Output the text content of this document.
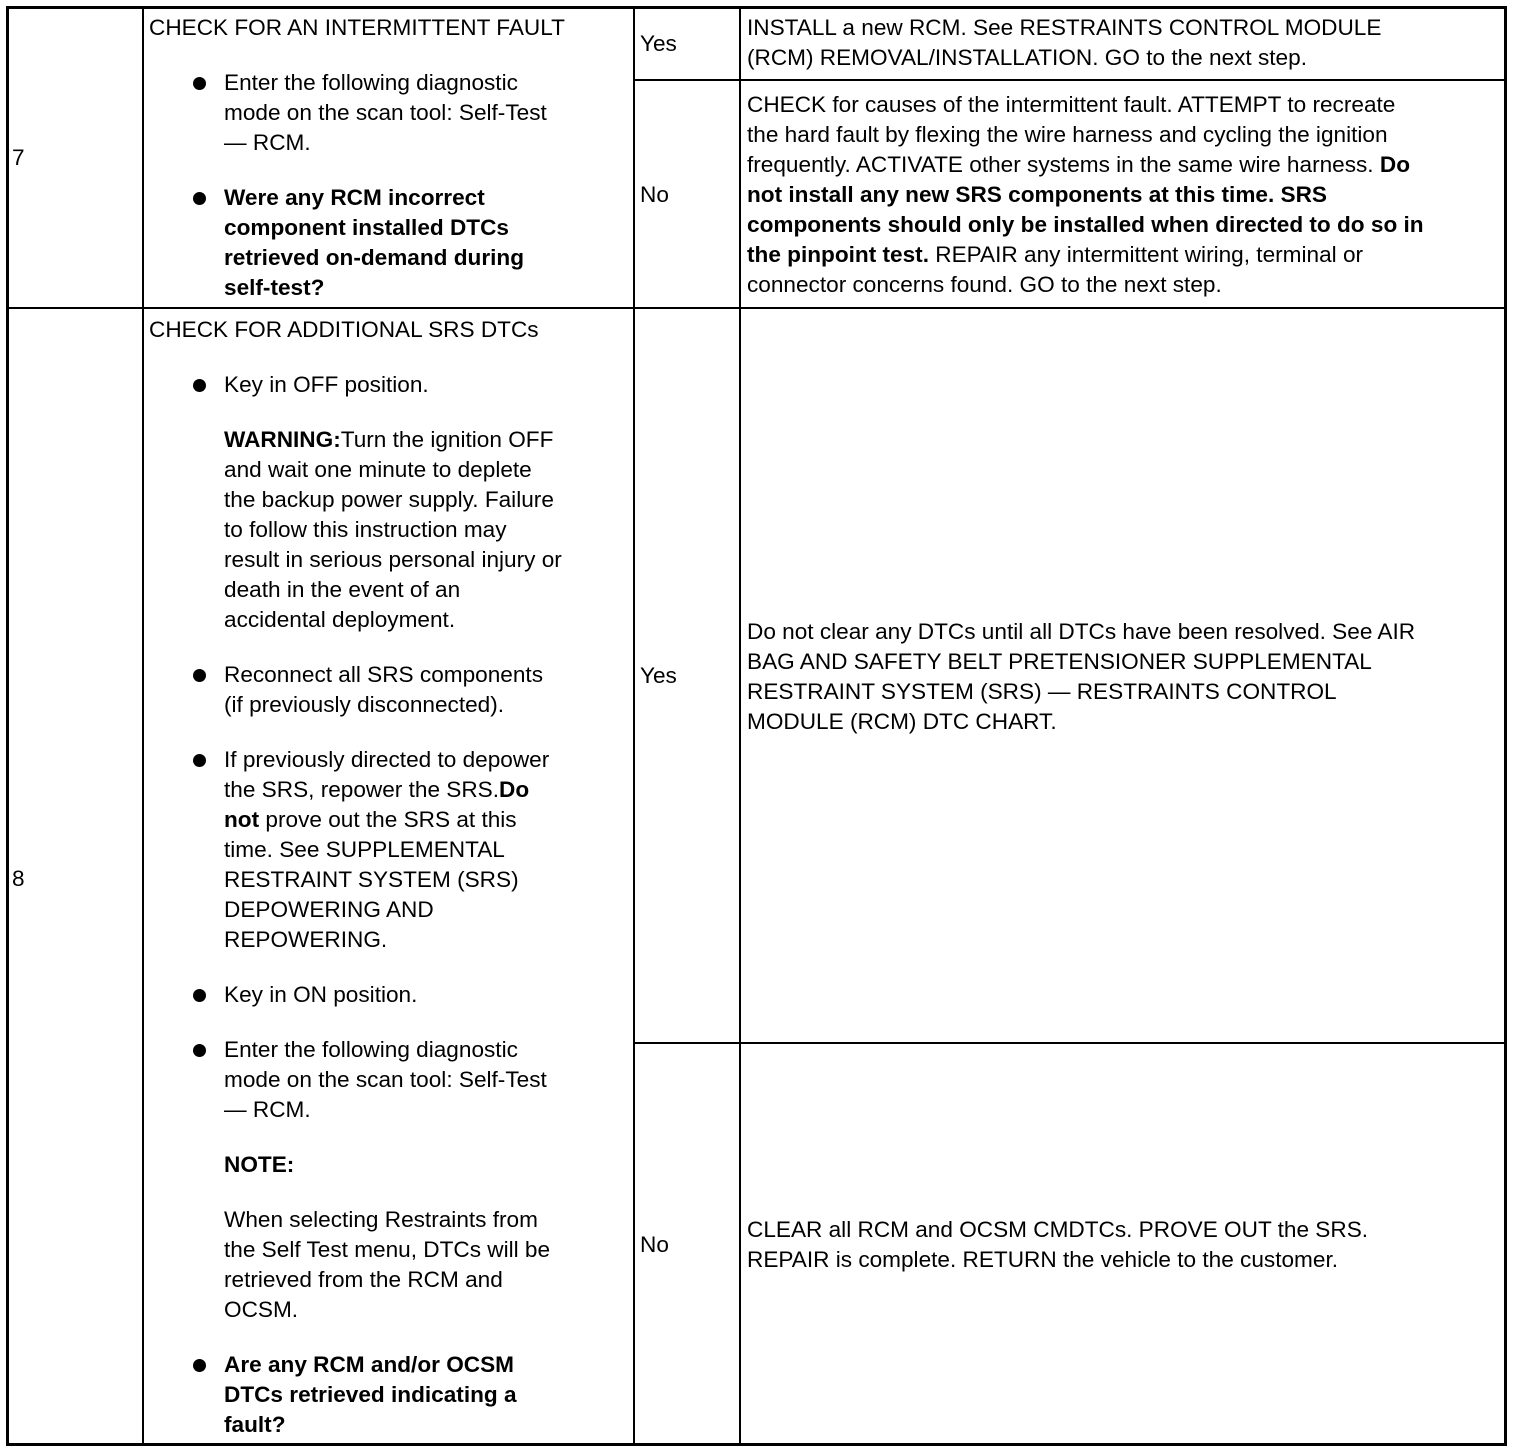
7
CHECK FOR AN INTERMITTENT FAULT
Enter the following diagnostic
mode on the scan tool: Self-Test
— RCM.
Were any RCM incorrect
component installed DTCs
retrieved on-demand during
self-test?
Yes
INSTALL a new RCM. See RESTRAINTS CONTROL MODULE
(RCM) REMOVAL/INSTALLATION. GO to the next step.
No
CHECK for causes of the intermittent fault. ATTEMPT to recreate
the hard fault by flexing the wire harness and cycling the ignition
frequently. ACTIVATE other systems in the same wire harness. Do
not install any new SRS components at this time. SRS
components should only be installed when directed to do so in
the pinpoint test. REPAIR any intermittent wiring, terminal or
connector concerns found. GO to the next step.
8
CHECK FOR ADDITIONAL SRS DTCs
Key in OFF position.
WARNING:Turn the ignition OFF
and wait one minute to deplete
the backup power supply. Failure
to follow this instruction may
result in serious personal injury or
death in the event of an
accidental deployment.
Reconnect all SRS components
(if previously disconnected).
If previously directed to depower
the SRS, repower the SRS.Do
not prove out the SRS at this
time. See SUPPLEMENTAL
RESTRAINT SYSTEM (SRS)
DEPOWERING AND
REPOWERING.
Key in ON position.
Enter the following diagnostic
mode on the scan tool: Self-Test
— RCM.
NOTE:
When selecting Restraints from
the Self Test menu, DTCs will be
retrieved from the RCM and
OCSM.
Are any RCM and/or OCSM
DTCs retrieved indicating a
fault?
Yes
Do not clear any DTCs until all DTCs have been resolved. See AIR
BAG AND SAFETY BELT PRETENSIONER SUPPLEMENTAL
RESTRAINT SYSTEM (SRS) — RESTRAINTS CONTROL
MODULE (RCM) DTC CHART.
No
CLEAR all RCM and OCSM CMDTCs. PROVE OUT the SRS.
REPAIR is complete. RETURN the vehicle to the customer.
